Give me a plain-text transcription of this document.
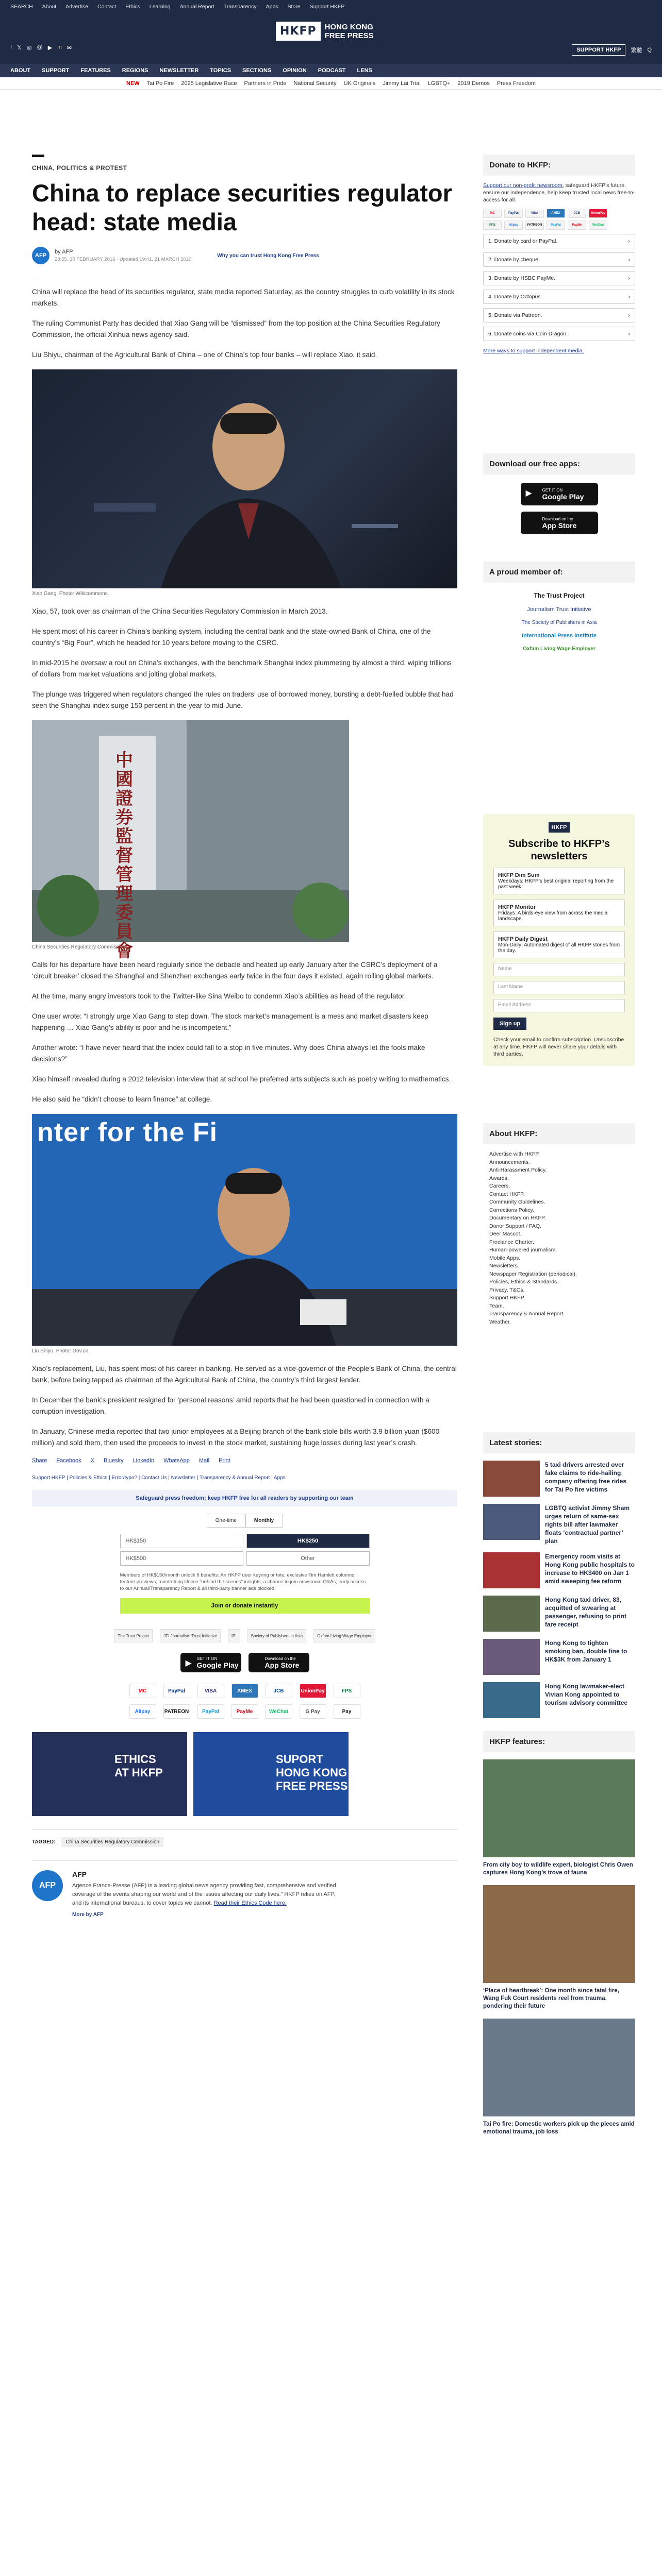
SEARCH About Advertise Contact Ethics Learning Annual Report Transparency Apps Store Support HKFP
f 𝕏 ◎ @ ▶ in ✉
HKFP	HONG KONG
FREE PRESS
SUPPORT HKFP	繁體 Q
ABOUT SUPPORT FEATURES REGIONS NEWSLETTER TOPICS SECTIONS OPINION PODCAST LENS
NEW Tai Po Fire 2025 Legislative Race Partners in Pride National Security UK Originals Jimmy Lai Trial LGBTQ+ 2019 Demos Press Freedom
CHINA, POLITICS & PROTEST
China to replace securities regulator head: state media
AFP
by AFP
20:55, 20 FEBRUARY 2016 · Updated 19:41, 21 MARCH 2020
Why you can trust Hong Kong Free Press

China will replace the head of its securities regulator, state media reported Saturday, as the country struggles to curb volatility in its stock markets.

The ruling Communist Party has decided that Xiao Gang will be “dismissed” from the top position at the China Securities Regulatory Commission, the official Xinhua news agency said.

Liu Shiyu, chairman of the Agricultural Bank of China – one of China’s top four banks – will replace Xiao, it said.

Xiao Gang. Photo: Wikicommons.

Xiao, 57, took over as chairman of the China Securities Regulatory Commission in March 2013.

He spent most of his career in China’s banking system, including the central bank and the state-owned Bank of China, one of the country’s “Big Four”, which he headed for 10 years before moving to the CSRC.

In mid-2015 he oversaw a rout on China’s exchanges, with the benchmark Shanghai index plummeting by almost a third, wiping trillions of dollars from market valuations and jolting global markets.

The plunge was triggered when regulators changed the rules on traders’ use of borrowed money, bursting a debt-fuelled bubble that had seen the Shanghai index surge 150 percent in the year to mid-June.

中國證券監督管理委員會
China Securities Regulatory Commission.

Calls for his departure have been heard regularly since the debacle and heated up early January after the CSRC’s deployment of a ‘circuit breaker’ closed the Shanghai and Shenzhen exchanges early twice in the four days it existed, again roiling global markets.

At the time, many angry investors took to the Twitter-like Sina Weibo to condemn Xiao’s abilities as head of the regulator.

One user wrote: “I strongly urge Xiao Gang to step down. The stock market’s management is a mess and market disasters keep happening … Xiao Gang’s ability is poor and he is incompetent.”

Another wrote: “I have never heard that the index could fall to a stop in five minutes. Why does China always let the fools make decisions?”

Xiao himself revealed during a 2012 television interview that at school he preferred arts subjects such as poetry writing to mathematics.

He also said he “didn’t choose to learn finance” at college.

nter for the Fi
Liu Shiyu. Photo: Gov.cn.

Xiao’s replacement, Liu, has spent most of his career in banking. He served as a vice-governor of the People’s Bank of China, the central bank, before being tapped as chairman of the Agricultural Bank of China, the country’s third largest lender.

In December the bank’s president resigned for ‘personal reasons’ amid reports that he had been questioned in connection with a corruption investigation.

In January, Chinese media reported that two junior employees at a Beijing branch of the bank stole bills worth 3.9 billion yuan ($600 million) and sold them, then used the proceeds to invest in the stock market, sustaining huge losses during last year’s crash.

Share Facebook X Bluesky LinkedIn WhatsApp Mail Print
Support HKFP | Policies & Ethics | Error/typo? | Contact Us | Newsletter | Transparency & Annual Report | Apps
Safeguard press freedom; keep HKFP free for all readers by supporting our team
One-time	Monthly
HK$150	HK$250
HK$500	Other
Members of HK$150/month unlock 6 benefits: An HKFP deer keyring or tote; exclusive Tim Hamlett columns; feature previews; month-long lifeline “behind the scenes” insights; a chance to join newsroom Q&As; early access to our Annual/Transparency Report & all third-party banner ads blocked.
Join or donate instantly
The Trust Project	JTI Journalism Trust Initiative	IPI	Society of Publishers in Asia	Oxfam Living Wage Employer
▶
GET IT ON
Google Play
Download on the
App Store
MC	PayPal	VISA	AMEX	JCB	UnionPay	FPS
Alipay	PATREON	PayPal	PayMe	WeChat	G Pay	Pay
ETHICS
AT HKFP
SUPORT
HONG KONG FREE PRESS
TAGGED:	China Securities Regulatory Commission
AFP
AFP
Agence France-Presse (AFP) is a leading global news agency providing fast, comprehensive and verified coverage of the events shaping our world and of the issues affecting our daily lives.” HKFP relies on AFP, and its international bureaus, to cover topics we cannot. Read their Ethics Code here.
More by AFP
Donate to HKFP:
Support our non-profit newsroom: safeguard HKFP’s future, ensure our independence, help keep trusted local news free-to-access for all.
MC	PayPal	VISA	AMEX	JCB	UnionPay
FPS	Alipay	PATREON	PayPal	PayMe	WeChat
1. Donate by card or PayPal.	›
2. Donate by cheque.	›
3. Donate by HSBC PayMe.	›
4. Donate by Octopus.	›
5. Donate via Patreon.	›
6. Donate coins via Coin Dragon.	›
More ways to support independent media.
Download our free apps:
▶ GET IT ON
Google Play
Download on the
App Store
A proud member of:
The Trust Project
Journalism Trust Initiative
The Society of Publishers in Asia
International Press Institute
Oxfam Living Wage Employer
HKFP
Subscribe to HKFP’s newsletters
HKFP Dim Sum
Weekdays: HKFP’s best original reporting from the past week.
HKFP Monitor
Fridays: A birds-eye view from across the media landscape.
HKFP Daily Digest
Mon-Daily: Automated digest of all HKFP stories from the day.
Name
Last Name
Email Address
Sign up
Check your email to confirm subscription. Unsubscribe at any time. HKFP will never share your details with third parties.
About HKFP:
Advertise with HKFP.
Announcements.
Anti-Harassment Policy.
Awards.
Careers.
Contact HKFP.
Community Guidelines.
Corrections Policy.
Documentary on HKFP.
Donor Support / FAQ.
Deer Mascot.
Freelance Charter.
Human-powered journalism.
Mobile Apps.
Newsletters.
Newspaper Registration (periodical).
Policies, Ethics & Standards.
Privacy, T&Cs.
Support HKFP.
Team.
Transparency & Annual Report.
Weather.
Latest stories:
5 taxi drivers arrested over fake claims to ride-hailing company offering free rides for Tai Po fire victims
LGBTQ activist Jimmy Sham urges return of same-sex rights bill after lawmaker floats ‘contractual partner’ plan
Emergency room visits at Hong Kong public hospitals to increase to HK$400 on Jan 1 amid sweeping fee reform
Hong Kong taxi driver, 83, acquitted of swearing at passenger, refusing to print fare receipt
Hong Kong to tighten smoking ban, double fine to HK$3K from January 1
Hong Kong lawmaker-elect Vivian Kong appointed to tourism advisory committee
HKFP features:
From city boy to wildlife expert, biologist Chris Owen captures Hong Kong’s trove of fauna
‘Place of heartbreak’: One month since fatal fire, Wang Fuk Court residents reel from trauma, pondering their future
Tai Po fire: Domestic workers pick up the pieces amid emotional trauma, job loss
